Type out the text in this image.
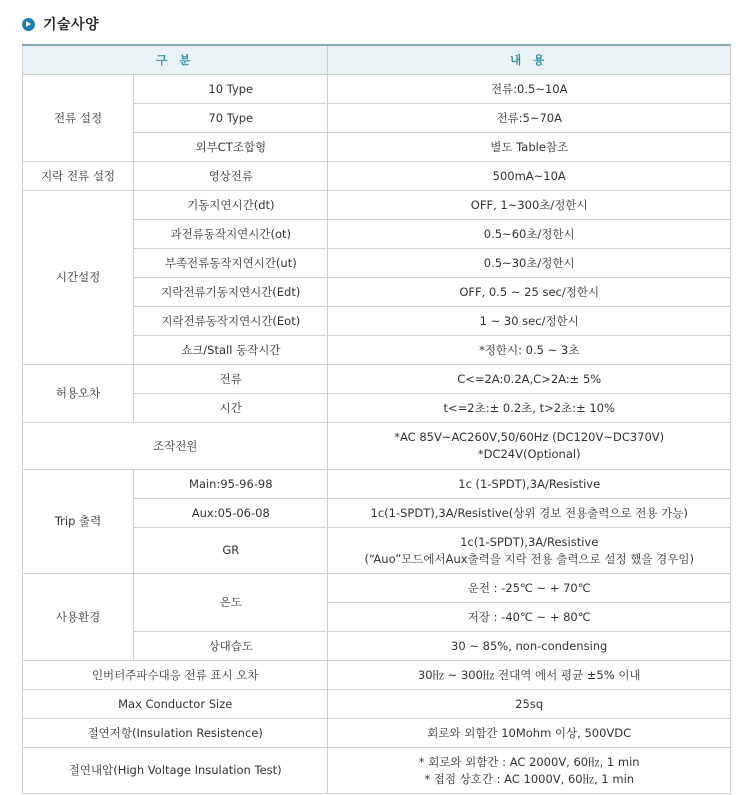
기술사양
구 분		내 용
전류 설정	10 Type	전류:0.5~10A
	70 Type	전류:5~70A
	외부CT조합형	별도 Table참조
지락 전류 설정	영상전류	500mA~10A
시간설정	기동지연시간(dt)	OFF, 1~300초/정한시
	과전류동작지연시간(ot)	0.5~60초/정한시
	부족전류동작지연시간(ut)	0.5~30초/정한시
	지락전류기동지연시간(Edt)	OFF, 0.5 ~ 25 sec/정한시
	지락전류동작지연시간(Eot)	1 ~ 30 sec/정한시
	쇼크/Stall 동작시간	*정한시: 0.5 ~ 3초
허용오차	전류	C<=2A:0.2A,C>2A:± 5%
	시간	t<=2초:± 0.2초, t>2초:± 10%
조작전원		*AC 85V~AC260V,50/60Hz (DC120V~DC370V)
*DC24V(Optional)

Trip 출력	Main:95-96-98	1c (1-SPDT),3A/Resistive
	Aux:05-06-08	1c(1-SPDT),3A/Resistive(상위 경보 전용출력으로 전용 가능)
	GR	1c(1-SPDT),3A/Resistive
(“Auo”모드에서Aux출력을 지락 전용 출력으로 설정 했을 경우임)

사용환경	온도	운전 : -25℃ ~ + 70℃
		저장 : -40℃ ~ + 80℃
	상대습도	30 ~ 85%, non-condensing
인버터주파수대응 전류 표시 오차		30㎐ ~ 300㎐ 전대역 에서 평균 ±5% 이내
Max Conductor Size		25sq
절연저항(Insulation Resistence)		회로와 외함간 10Mohm 이상, 500VDC
절연내압(High Voltage Insulation Test)		* 회로와 외함간 : AC 2000V, 60㎐, 1 min
* 접점 상호간 : AC 1000V, 60㎐, 1 min
